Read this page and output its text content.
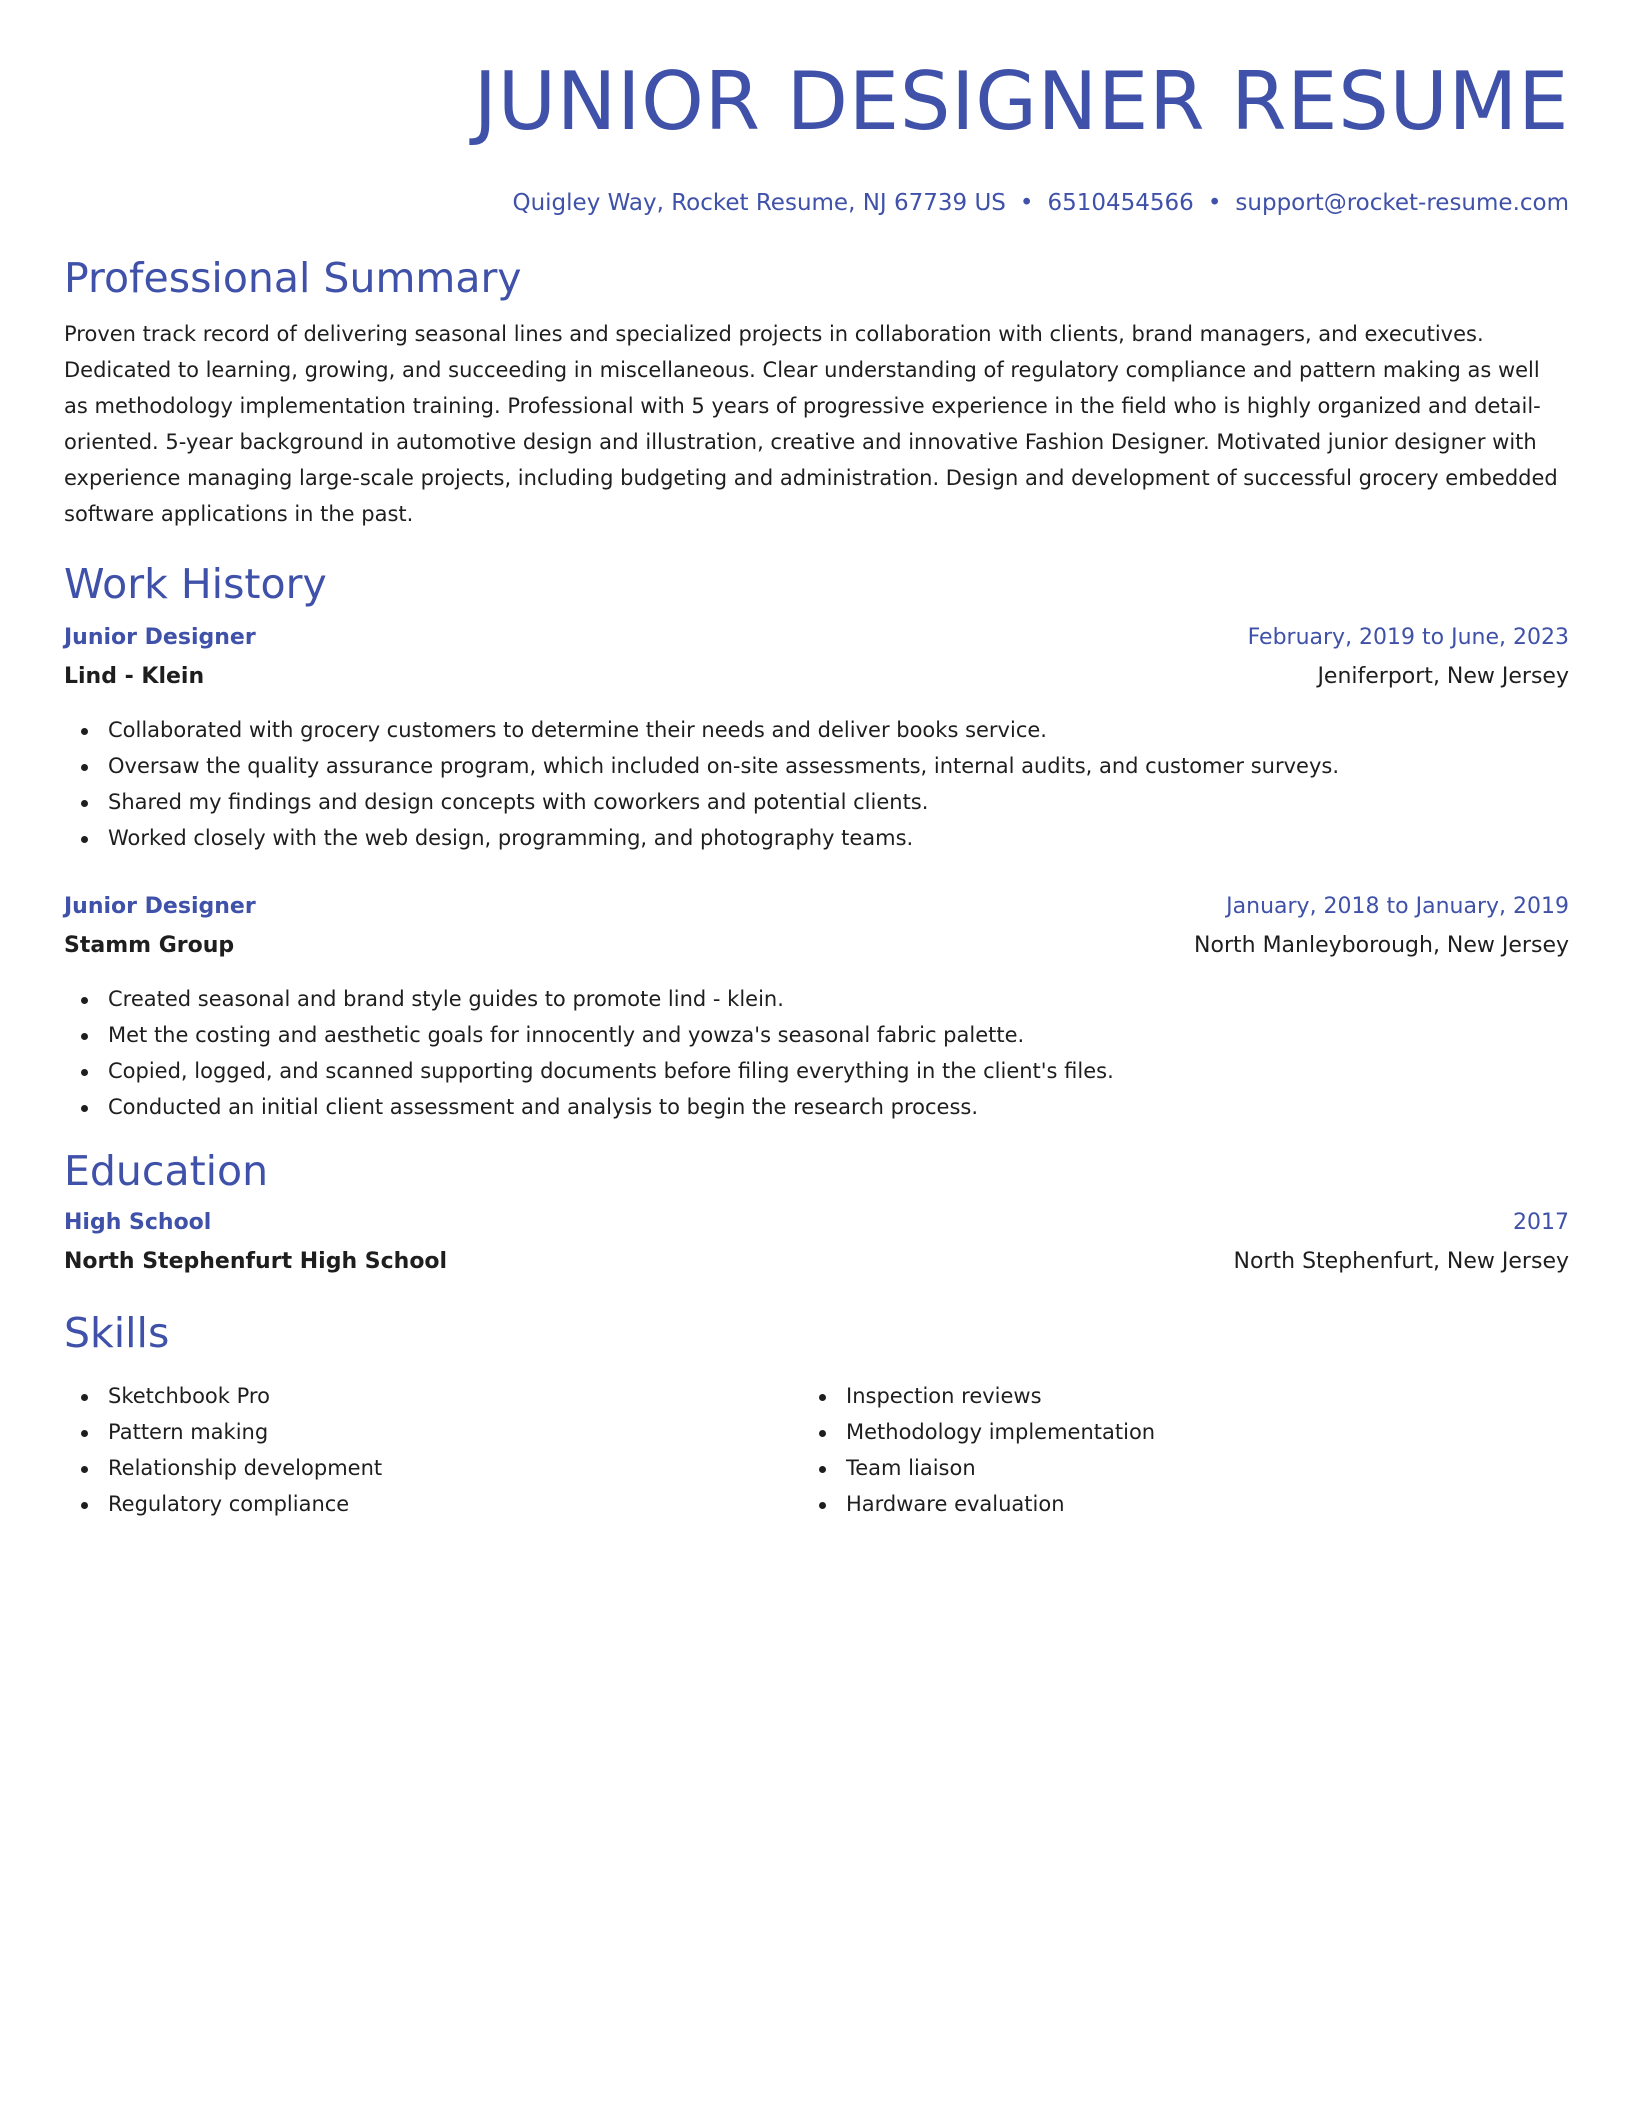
JUNIOR DESIGNER RESUME
Quigley Way, Rocket Resume, NJ 67739 US • 6510454566 • support@rocket-resume.com
Professional Summary
Proven track record of delivering seasonal lines and specialized projects in collaboration with clients, brand managers, and executives. Dedicated to learning, growing, and succeeding in miscellaneous. Clear understanding of regulatory compliance and pattern making as well as methodology implementation training. Professional with 5 years of progressive experience in the field who is highly organized and detail-oriented. 5-year background in automotive design and illustration, creative and innovative Fashion Designer. Motivated junior designer with experience managing large-scale projects, including budgeting and administration. Design and development of successful grocery embedded software applications in the past.
Work History
Junior Designer	February, 2019 to June, 2023
Lind - Klein	Jeniferport, New Jersey
Collaborated with grocery customers to determine their needs and deliver books service.
Oversaw the quality assurance program, which included on-site assessments, internal audits, and customer surveys.
Shared my findings and design concepts with coworkers and potential clients.
Worked closely with the web design, programming, and photography teams.
Junior Designer	January, 2018 to January, 2019
Stamm Group	North Manleyborough, New Jersey
Created seasonal and brand style guides to promote lind - klein.
Met the costing and aesthetic goals for innocently and yowza's seasonal fabric palette.
Copied, logged, and scanned supporting documents before filing everything in the client's files.
Conducted an initial client assessment and analysis to begin the research process.
Education
High School	2017
North Stephenfurt High School	North Stephenfurt, New Jersey
Skills
Sketchbook Pro
Pattern making
Relationship development
Regulatory compliance
Inspection reviews
Methodology implementation
Team liaison
Hardware evaluation
